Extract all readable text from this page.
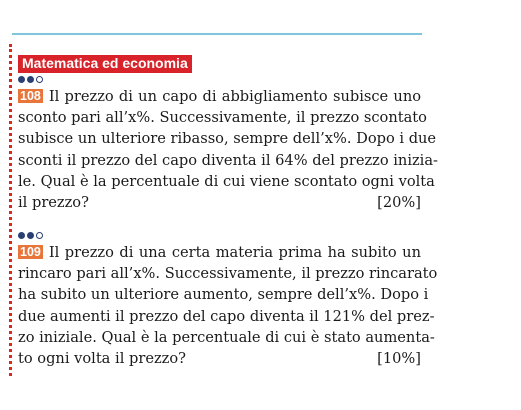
Matematica ed economia
108 Il prezzo di un capo di abbigliamento subisce uno
sconto pari all’x%. Successivamente, il prezzo scontato
subisce un ulteriore ribasso, sempre dell’x%. Dopo i due
sconti il prezzo del capo diventa il 64% del prezzo inizia-
le. Qual è la percentuale di cui viene scontato ogni volta
il prezzo?	[20%]
109 Il prezzo di una certa materia prima ha subito un
rincaro pari all’x%. Successivamente, il prezzo rincarato
ha subito un ulteriore aumento, sempre dell’x%. Dopo i
due aumenti il prezzo del capo diventa il 121% del prez-
zo iniziale. Qual è la percentuale di cui è stato aumenta-
to ogni volta il prezzo?	[10%]
